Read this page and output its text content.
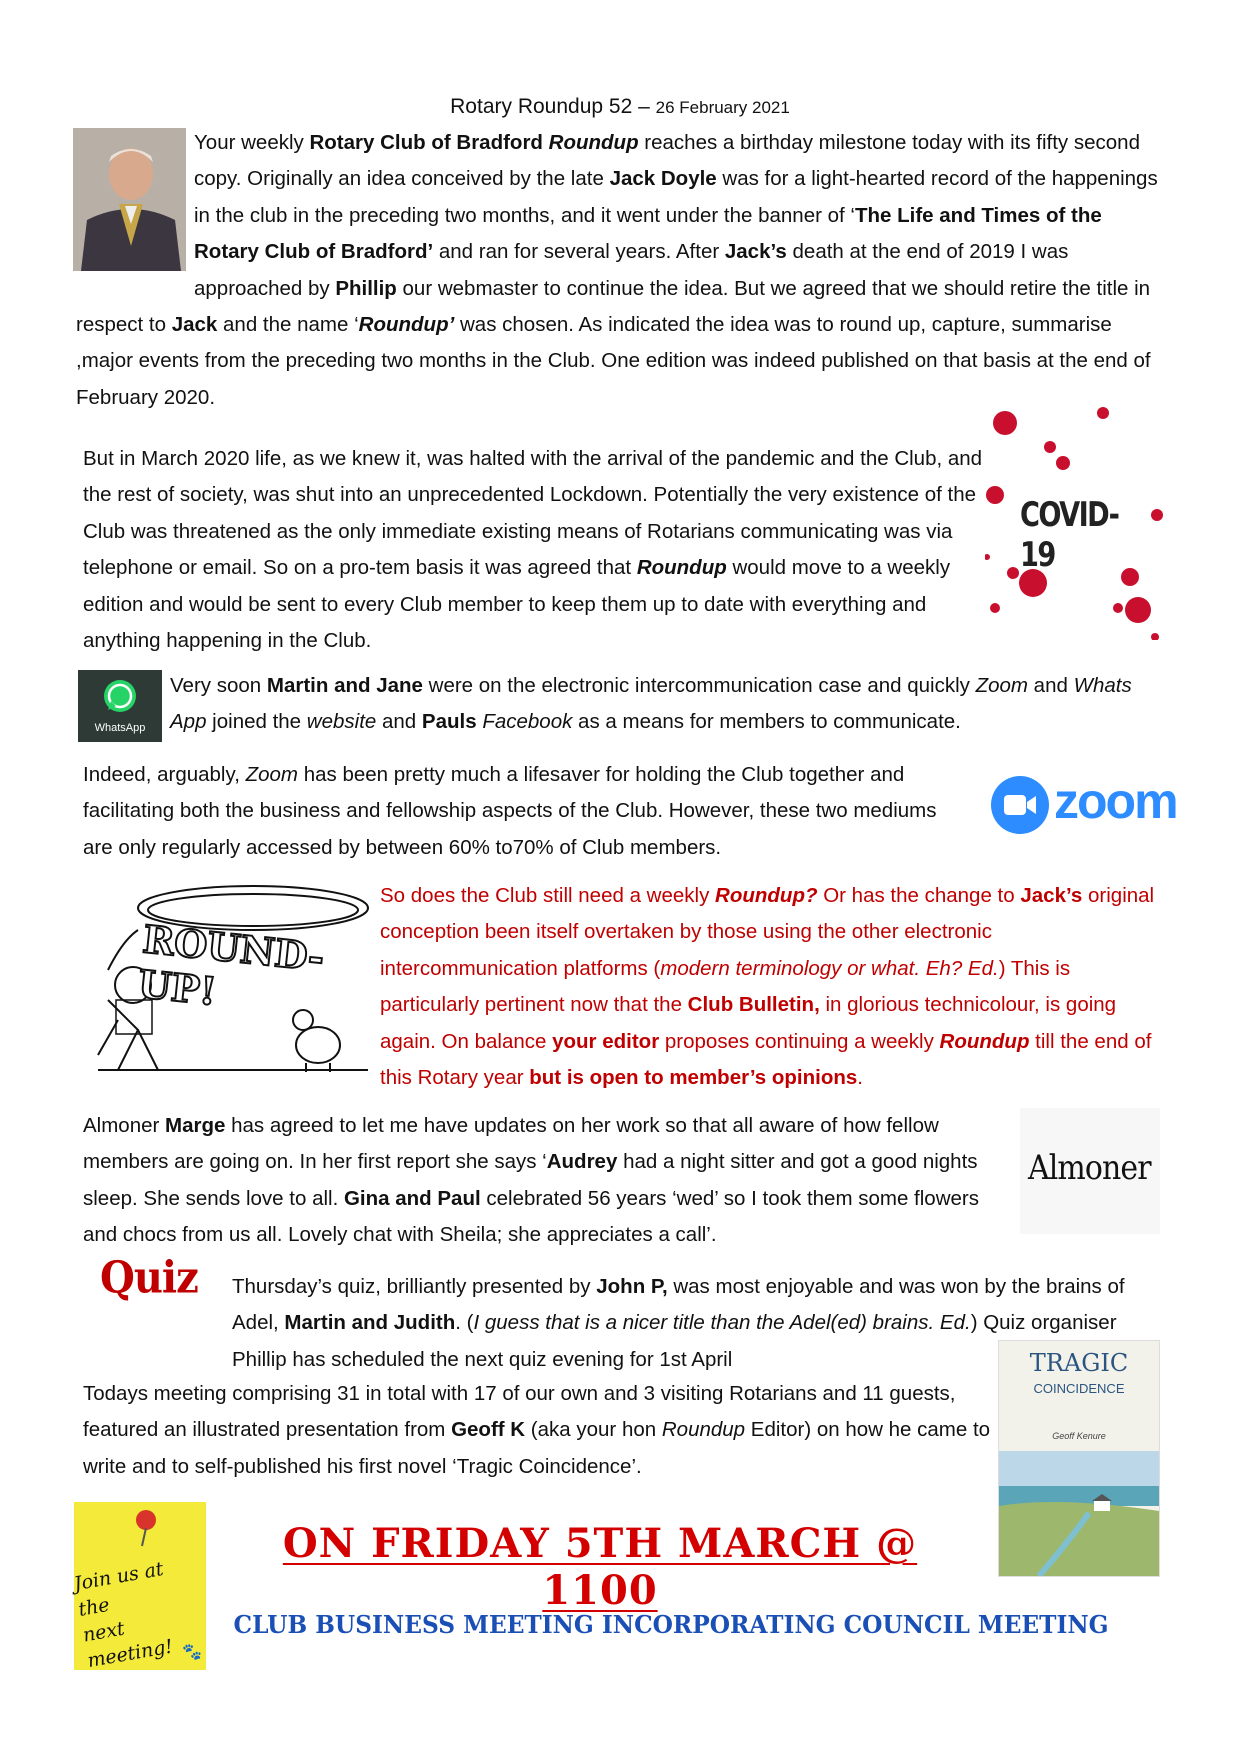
Rotary Roundup 52 – 26 February 2021

Your weekly Rotary Club of Bradford Roundup reaches a birthday milestone today with its fifty second copy. Originally an idea conceived by the late Jack Doyle was for a light-hearted record of the happenings in the club in the preceding two months, and it went under the banner of ‘The Life and Times of the Rotary Club of Bradford’ and ran for several years. After Jack’s death at the end of 2019 I was approached by Phillip our webmaster to continue the idea. But we agreed that we should retire the title in respect to Jack and the name ‘Roundup’ was chosen. As indicated the idea was to round up, capture, summarise ,major events from the preceding two months in the Club. One edition was indeed published on that basis at the end of February 2020.

COVID-19

But in March 2020 life, as we knew it, was halted with the arrival of the pandemic and the Club, and the rest of society, was shut into an unprecedented Lockdown. Potentially the very existence of the Club was threatened as the only immediate existing means of Rotarians communicating was via telephone or email. So on a pro-tem basis it was agreed that Roundup would move to a weekly edition and would be sent to every Club member to keep them up to date with everything and anything happening in the Club.

WhatsApp

Very soon Martin and Jane were on the electronic intercommunication case and quickly Zoom and Whats App joined the website and Pauls Facebook as a means for members to communicate.

Indeed, arguably, Zoom has been pretty much a lifesaver for holding the Club together and facilitating both the business and fellowship aspects of the Club. However, these two mediums are only regularly accessed by between 60% to70% of Club members.

zoom
ROUND-UP!

So does the Club still need a weekly Roundup? Or has the change to Jack’s original conception been itself overtaken by those using the other electronic intercommunication platforms (modern terminology or what. Eh? Ed.) This is particularly pertinent now that the Club Bulletin, in glorious technicolour, is going again. On balance your editor proposes continuing a weekly Roundup till the end of this Rotary year but is open to member’s opinions.

Almoner Marge has agreed to let me have updates on her work so that all aware of how fellow members are going on. In her first report she says ‘Audrey had a night sitter and got a good nights sleep. She sends love to all. Gina and Paul celebrated 56 years ‘wed’ so I took them some flowers and chocs from us all. Lovely chat with Sheila; she appreciates a call’.

Almoner
Quiz Thursday’s quiz, brilliantly presented by John P, was most enjoyable and was won by the brains of Adel, Martin and Judith. (I guess that is a nicer title than the Adel(ed) brains. Ed.) Quiz organiser Phillip has scheduled the next quiz evening for 1st April	TRAGIC
COINCIDENCE
Geoff Kenure

Todays meeting comprising 31 in total with 17 of our own and 3 visiting Rotarians and 11 guests, featured an illustrated presentation from Geoff K (aka your hon Roundup Editor) on how he came to write and to self-published his first novel ‘Tragic Coincidence’.

Join us at the
next meeting! 🐾
ON FRIDAY 5TH MARCH @ 1100
CLUB BUSINESS MEETING INCORPORATING COUNCIL MEETING
